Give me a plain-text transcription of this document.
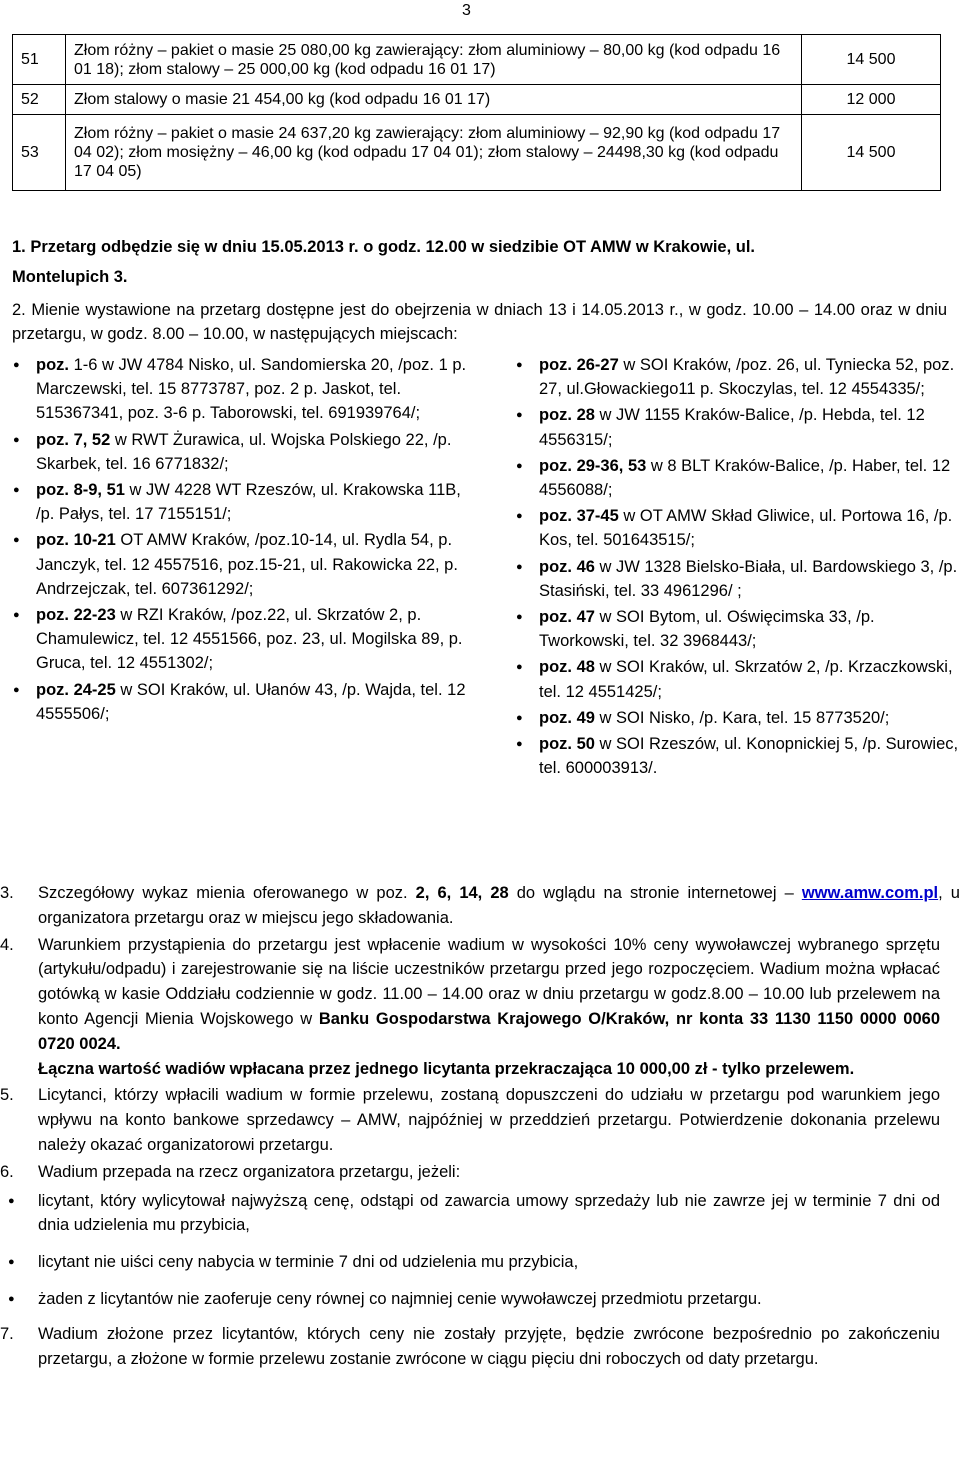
3
51	Złom różny – pakiet o masie 25 080,00 kg zawierający: złom aluminiowy – 80,00 kg (kod odpadu 16 01 18); złom stalowy – 25 000,00 kg (kod odpadu 16 01 17)	14 500
52	Złom stalowy o masie 21 454,00 kg (kod odpadu 16 01 17)	12 000
53	Złom różny – pakiet o masie 24 637,20 kg zawierający: złom aluminiowy – 92,90 kg (kod odpadu 17 04 02); złom mosiężny – 46,00 kg (kod odpadu 17 04 01); złom stalowy – 24498,30 kg (kod odpadu 17 04 05)	14 500
1. Przetarg odbędzie się w dniu 15.05.2013 r. o godz. 12.00 w siedzibie OT AMW w Krakowie, ul. Montelupich 3.
2. Mienie wystawione na przetarg dostępne jest do obejrzenia w dniach 13 i 14.05.2013 r., w godz. 10.00 – 14.00 oraz w dniu przetargu, w godz. 8.00 – 10.00, w następujących miejscach:
● poz. 1-6 w JW 4784 Nisko, ul. Sandomierska 20, /poz. 1 p. Marczewski, tel. 15 8773787, poz. 2 p. Jaskot, tel. 515367341, poz. 3-6 p. Taborowski, tel. 691939764/;
● poz. 7, 52 w RWT Żurawica, ul. Wojska Polskiego 22, /p. Skarbek, tel. 16 6771832/;
● poz. 8-9, 51 w JW 4228 WT Rzeszów, ul. Krakowska 11B, /p. Pałys, tel. 17 7155151/;
● poz. 10-21 OT AMW Kraków, /poz.10-14, ul. Rydla 54, p. Janczyk, tel. 12 4557516, poz.15-21, ul. Rakowicka 22, p. Andrzejczak, tel. 607361292/;
● poz. 22-23 w RZI Kraków, /poz.22, ul. Skrzatów 2, p. Chamulewicz, tel. 12 4551566, poz. 23, ul. Mogilska 89, p. Gruca, tel. 12 4551302/;
● poz. 24-25 w SOI Kraków, ul. Ułanów 43, /p. Wajda, tel. 12 4555506/;
● poz. 26-27 w SOI Kraków, /poz. 26, ul. Tyniecka 52, poz. 27, ul.Głowackiego11 p. Skoczylas, tel. 12 4554335/;
● poz. 28 w JW 1155 Kraków-Balice, /p. Hebda, tel. 12 4556315/;
● poz. 29-36, 53 w 8 BLT Kraków-Balice, /p. Haber, tel. 12 4556088/;
● poz. 37-45 w OT AMW Skład Gliwice, ul. Portowa 16, /p. Kos, tel. 501643515/;
● poz. 46 w JW 1328 Bielsko-Biała, ul. Bardowskiego 3, /p. Stasiński, tel. 33 4961296/ ;
● poz. 47 w SOI Bytom, ul. Oświęcimska 33, /p. Tworkowski, tel. 32 3968443/;
● poz. 48 w SOI Kraków, ul. Skrzatów 2, /p. Krzaczkowski, tel. 12 4551425/;
● poz. 49 w SOI Nisko, /p. Kara, tel. 15 8773520/;
● poz. 50 w SOI Rzeszów, ul. Konopnickiej 5, /p. Surowiec, tel. 600003913/.
3. Szczegółowy wykaz mienia oferowanego w poz. 2, 6, 14, 28 do wglądu na stronie internetowej – www.amw.com.pl, u organizatora przetargu oraz w miejscu jego składowania.
4. Warunkiem przystąpienia do przetargu jest wpłacenie wadium w wysokości 10% ceny wywoławczej wybranego sprzętu (artykułu/odpadu) i zarejestrowanie się na liście uczestników przetargu przed jego rozpoczęciem. Wadium można wpłacać gotówką w kasie Oddziału codziennie w godz. 11.00 – 14.00 oraz w dniu przetargu w godz.8.00 – 10.00 lub przelewem na konto Agencji Mienia Wojskowego w Banku Gospodarstwa Krajowego O/Kraków, nr konta 33 1130 1150 0000 0060 0720 0024.
Łączna wartość wadiów wpłacana przez jednego licytanta przekraczająca 10 000,00 zł - tylko przelewem.
5. Licytanci, którzy wpłacili wadium w formie przelewu, zostaną dopuszczeni do udziału w przetargu pod warunkiem jego wpływu na konto bankowe sprzedawcy – AMW, najpóźniej w przeddzień przetargu. Potwierdzenie dokonania przelewu należy okazać organizatorowi przetargu.
6. Wadium przepada na rzecz organizatora przetargu, jeżeli:
● licytant, który wylicytował najwyższą cenę, odstąpi od zawarcia umowy sprzedaży lub nie zawrze jej w terminie 7 dni od dnia udzielenia mu przybicia,
● licytant nie uiści ceny nabycia w terminie 7 dni od udzielenia mu przybicia,
● żaden z licytantów nie zaoferuje ceny równej co najmniej cenie wywoławczej przedmiotu przetargu.
7. Wadium złożone przez licytantów, których ceny nie zostały przyjęte, będzie zwrócone bezpośrednio po zakończeniu przetargu, a złożone w formie przelewu zostanie zwrócone w ciągu pięciu dni roboczych od daty przetargu.
